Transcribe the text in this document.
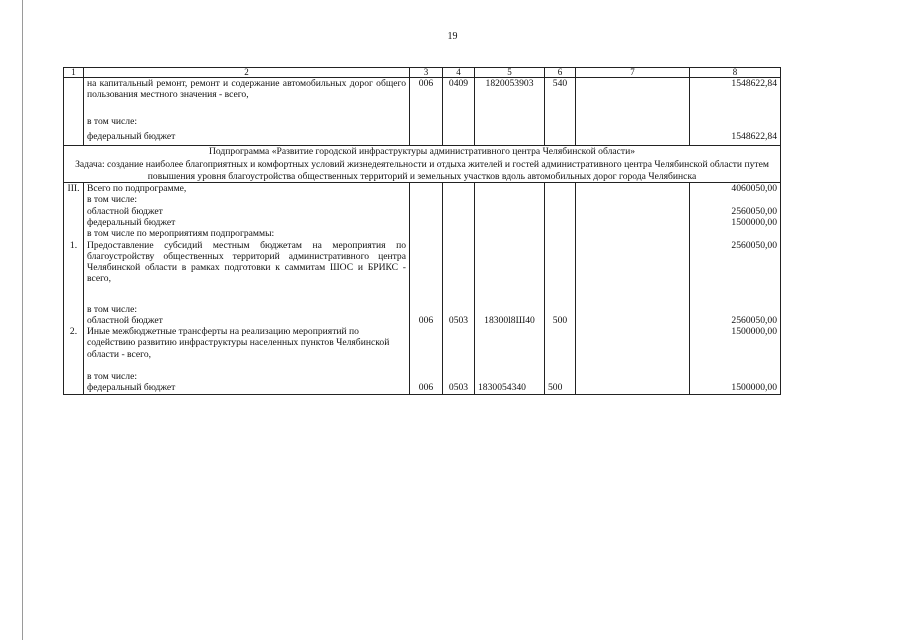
19
1	2	3	4	5	6	7	8
	на капитальный ремонт, ремонт и содержание автомобильных дорог общего пользования местного значения - всего,	006	0409	1820053903	540		1548622,84
	в том числе:						
	федеральный бюджет						1548622,84

Подпрограмма «Развитие городской инфраструктуры административного центра Челябинской области»
Задача: создание наиболее благоприятных и комфортных условий жизнедеятельности и отдыха жителей и гостей административного центра Челябинской области путем повышения уровня благоустройства общественных территорий и земельных участков вдоль автомобильных дорог города Челябинска							
III.	Всего по подпрограмме,						4060050,00
	в том числе:						
	областной бюджет						2560050,00
	федеральный бюджет						1500000,00
	в том числе по мероприятиям подпрограммы:						
1.	Предоставление субсидий местным бюджетам на мероприятия по благоустройству общественных территорий административного центра Челябинской области в рамках подготовки к саммитам ШОС и БРИКС - всего,						2560050,00
	в том числе:						
	областной бюджет	006	0503	18300l8Ш40	500		2560050,00
2.	Иные межбюджетные трансферты на реализацию мероприятий по содействию развитию инфраструктуры населенных пунктов Челябинской области - всего,						1500000,00
	в том числе:						
	федеральный бюджет	006	0503	1830054340	500		1500000,00
